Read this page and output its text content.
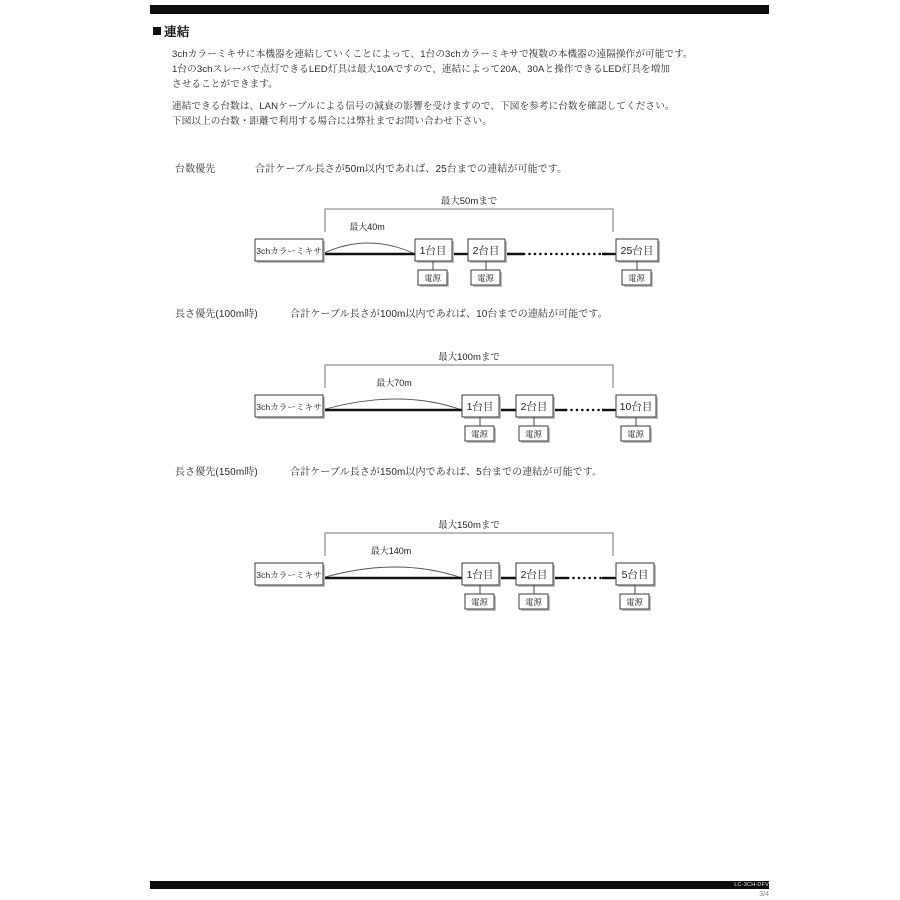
連結
3chカラーミキサに本機器を連結していくことによって、1台の3chカラーミキサで複数の本機器の遠隔操作が可能です。
1台の3chスレーバで点灯できるLED灯具は最大10Aですので、連結によって20A、30Aと操作できるLED灯具を増加
させることができます。
連結できる台数は、LANケーブルによる信号の減衰の影響を受けますので、下図を参考に台数を確認してください。
下図以上の台数・距離で利用する場合には弊社までお問い合わせ下さい。
台数優先	合計ケーブル長さが50m以内であれば、25台までの連結が可能です。
最大50mまで
最大40m
3chカラーミキサ	1台目
電源
2台目
電源
25台目
電源
長さ優先(100m時)	合計ケーブル長さが100m以内であれば、10台までの連結が可能です。
最大100mまで
最大70m
3chカラーミキサ	1台目
電源
2台目
電源
10台目
電源
長さ優先(150m時)	合計ケーブル長さが150m以内であれば、5台までの連結が可能です。
最大150mまで
最大140m
3chカラーミキサ	1台目
電源
2台目
電源
5台目
電源
LC-3CH-DFV
3/4
